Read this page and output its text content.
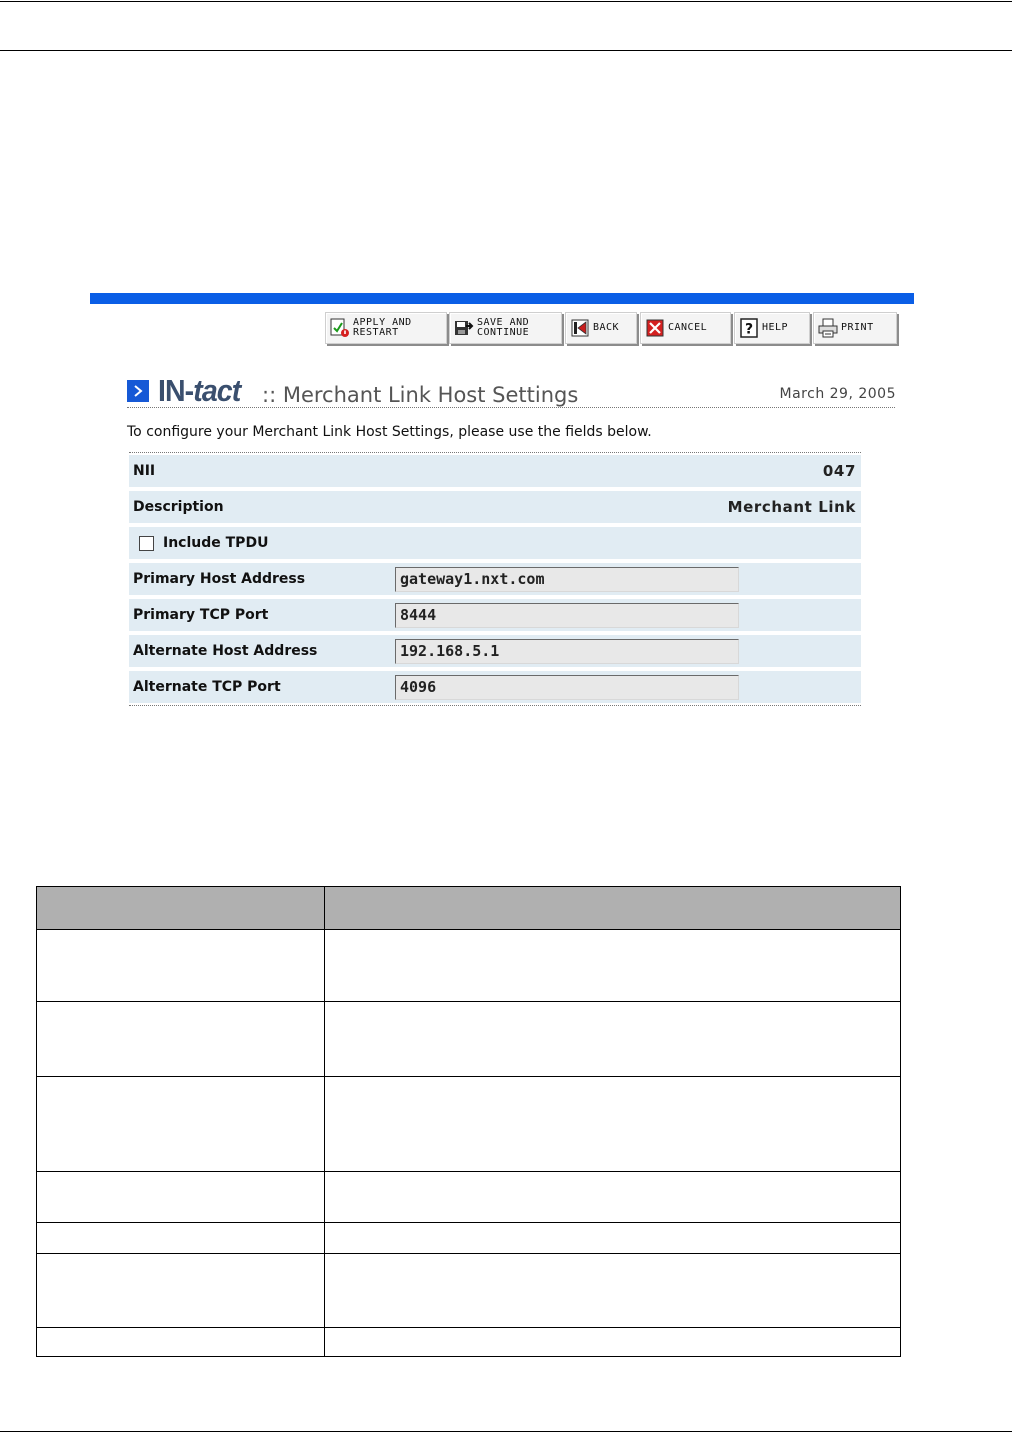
APPLY AND
RESTART
SAVE AND
CONTINUE	BACK	CANCEL	? HELP	PRINT
IN-tact :: Merchant Link Host Settings	March 29, 2005
To configure your Merchant Link Host Settings, please use the fields below.
NII	047
Description	Merchant Link
Include TPDU
Primary Host Address	gateway1.nxt.com
Primary TCP Port	8444
Alternate Host Address	192.168.5.1
Alternate TCP Port	4096
